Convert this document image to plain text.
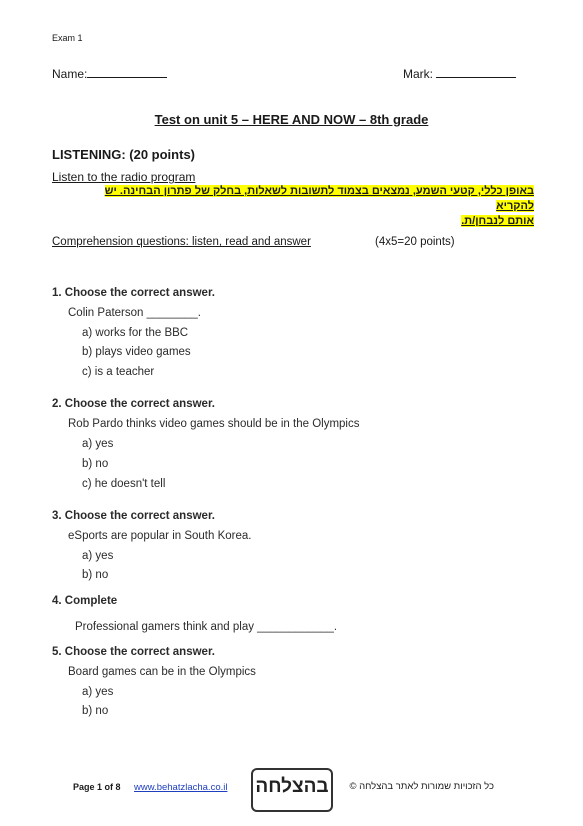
Exam 1
Name:	Mark:
Test on unit 5 – HERE AND NOW – 8th grade
LISTENING: (20 points)
Listen to the radio program
באופן כללי, קטעי השמע, נמצאים בצמוד לתשובות לשאלות, בחלק של פתרון הבחינה. יש להקריא
אותם לנבחן/ת.
Comprehension questions: listen, read and answer	(4x5=20 points)
1. Choose the correct answer.
Colin Paterson ________.
a) works for the BBC
b) plays video games
c) is a teacher
2. Choose the correct answer.
Rob Pardo thinks video games should be in the Olympics
a) yes
b) no
c) he doesn't tell
3. Choose the correct answer.
eSports are popular in South Korea.
a) yes
b) no
4. Complete
Professional gamers think and play ____________.
5. Choose the correct answer.
Board games can be in the Olympics
a) yes
b) no
Page 1 of 8 www.behatzlacha.co.il בהצלחה
	כל הזכויות שמורות לאתר בהצלחה ©
